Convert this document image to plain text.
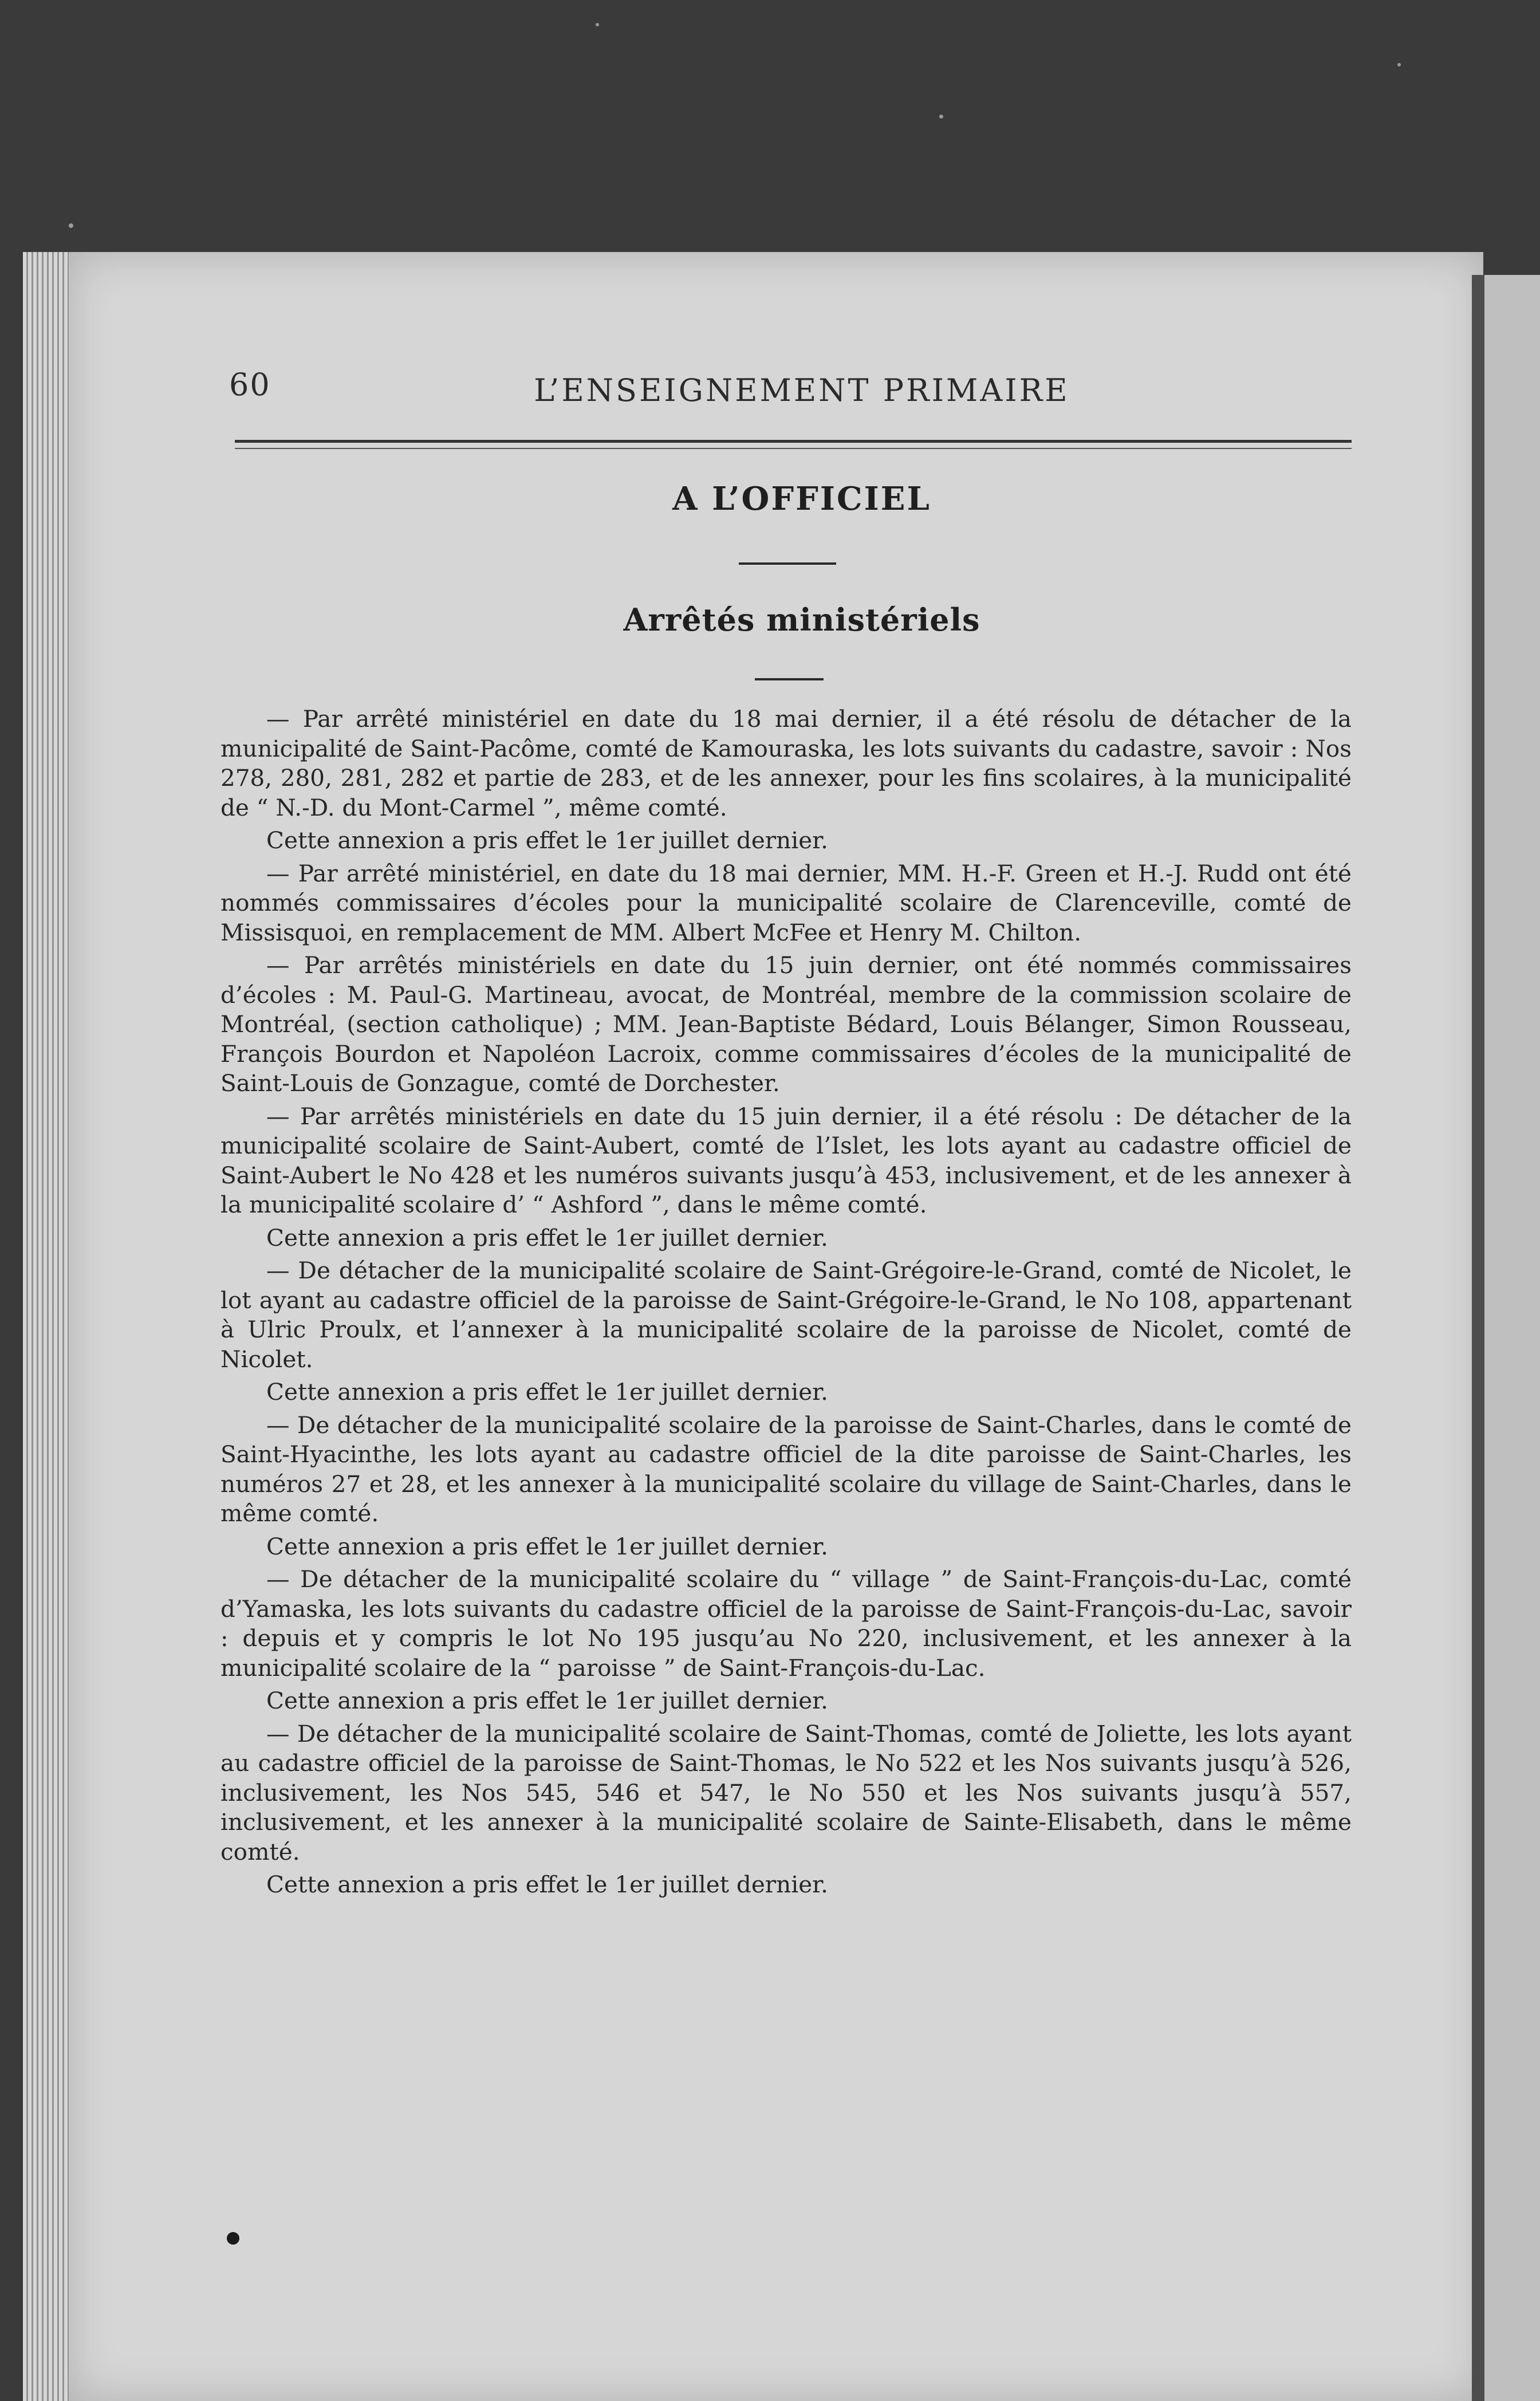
60	L’ENSEIGNEMENT PRIMAIRE
A L’OFFICIEL
Arrêtés ministériels

— Par arrêté ministériel en date du 18 mai dernier, il a été résolu de détacher de la municipalité de Saint-Pacôme, comté de Kamouraska, les lots suivants du cadastre, savoir : Nos 278, 280, 281, 282 et partie de 283, et de les annexer, pour les fins scolaires, à la municipalité de “ N.-D. du Mont-Carmel ”, même comté.

Cette annexion a pris effet le 1er juillet dernier.

— Par arrêté ministériel, en date du 18 mai dernier, MM. H.-F. Green et H.-J. Rudd ont été nommés commissaires d’écoles pour la municipalité scolaire de Clarenceville, comté de Missisquoi, en remplacement de MM. Albert McFee et Henry M. Chilton.

— Par arrêtés ministériels en date du 15 juin dernier, ont été nommés commissaires d’écoles : M. Paul-G. Martineau, avocat, de Montréal, membre de la commission scolaire de Montréal, (section catholique) ; MM. Jean-Baptiste Bédard, Louis Bélanger, Simon Rousseau, François Bourdon et Napoléon Lacroix, comme commissaires d’écoles de la municipalité de Saint-Louis de Gonzague, comté de Dorchester.

— Par arrêtés ministériels en date du 15 juin dernier, il a été résolu : De détacher de la municipalité scolaire de Saint-Aubert, comté de l’Islet, les lots ayant au cadastre officiel de Saint-Aubert le No 428 et les numéros suivants jusqu’à 453, inclusivement, et de les annexer à la municipalité scolaire d’ “ Ashford ”, dans le même comté.

Cette annexion a pris effet le 1er juillet dernier.

— De détacher de la municipalité scolaire de Saint-Grégoire-le-Grand, comté de Nicolet, le lot ayant au cadastre officiel de la paroisse de Saint-Grégoire-le-Grand, le No 108, appartenant à Ulric Proulx, et l’annexer à la municipalité scolaire de la paroisse de Nicolet, comté de Nicolet.

Cette annexion a pris effet le 1er juillet dernier.

— De détacher de la municipalité scolaire de la paroisse de Saint-Charles, dans le comté de Saint-Hyacinthe, les lots ayant au cadastre officiel de la dite paroisse de Saint-Charles, les numéros 27 et 28, et les annexer à la municipalité scolaire du village de Saint-Charles, dans le même comté.

Cette annexion a pris effet le 1er juillet dernier.

— De détacher de la municipalité scolaire du “ village ” de Saint-François-du-Lac, comté d’Yamaska, les lots suivants du cadastre officiel de la paroisse de Saint-François-du-Lac, savoir : depuis et y compris le lot No 195 jusqu’au No 220, inclusivement, et les annexer à la municipalité scolaire de la “ paroisse ” de Saint-François-du-Lac.

Cette annexion a pris effet le 1er juillet dernier.

— De détacher de la municipalité scolaire de Saint-Thomas, comté de Joliette, les lots ayant au cadastre officiel de la paroisse de Saint-Thomas, le No 522 et les Nos suivants jusqu’à 526, inclusivement, les Nos 545, 546 et 547, le No 550 et les Nos suivants jusqu’à 557, inclusivement, et les annexer à la municipalité scolaire de Sainte-Elisabeth, dans le même comté.

Cette annexion a pris effet le 1er juillet dernier.
